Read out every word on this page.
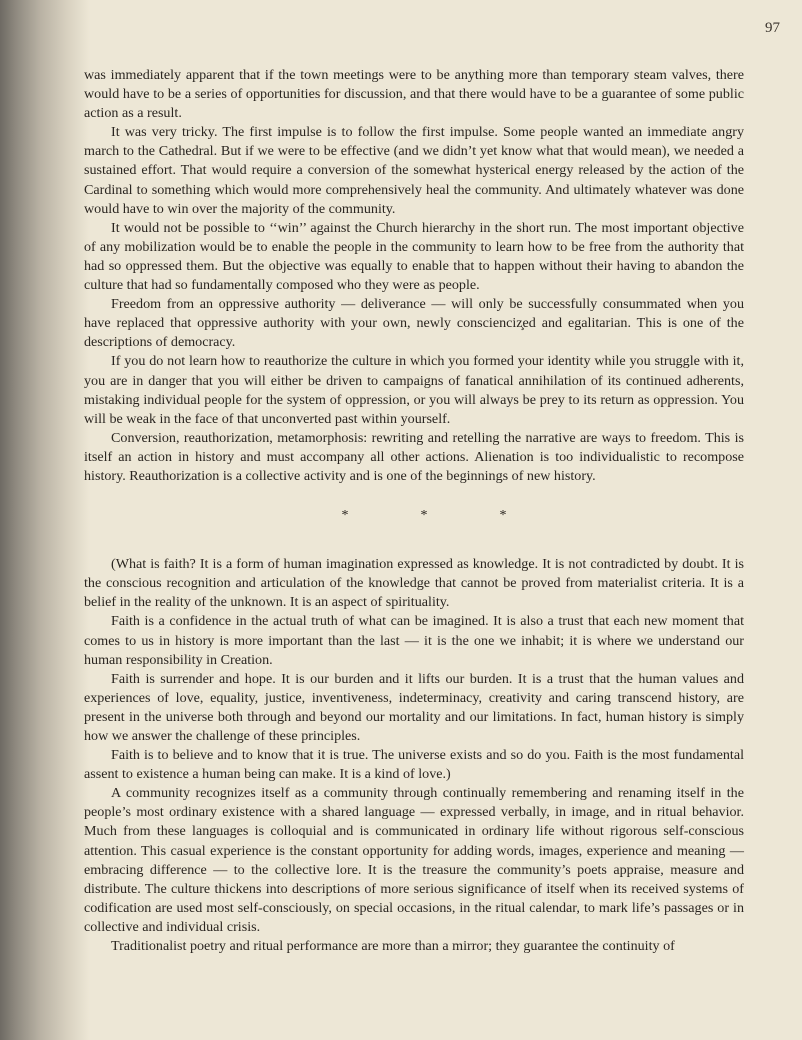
97

was immediately apparent that if the town meetings were to be anything more than temporary steam valves, there would have to be a series of opportunities for discussion, and that there would have to be a guarantee of some public action as a result.

It was very tricky. The first impulse is to follow the first impulse. Some people wanted an immediate angry march to the Cathedral. But if we were to be effective (and we didn’t yet know what that would mean), we needed a sustained effort. That would require a conversion of the somewhat hysterical energy released by the action of the Cardinal to something which would more comprehensively heal the community. And ultimately whatever was done would have to win over the majority of the community.

It would not be possible to ‘‘win’’ against the Church hierarchy in the short run. The most important objective of any mobilization would be to enable the people in the community to learn how to be free from the authority that had so oppressed them. But the objective was equally to enable that to happen without their having to abandon the culture that had so fundamentally composed who they were as people.

Freedom from an oppressive authority — deliverance — will only be successfully consummated when you have replaced that oppressive authority with your own, newly conscienciz̧ed and egalitarian. This is one of the descriptions of democracy.

If you do not learn how to reauthorize the culture in which you formed your identity while you struggle with it, you are in danger that you will either be driven to campaigns of fanatical annihilation of its continued adherents, mistaking individual people for the system of oppression, or you will always be prey to its return as oppression. You will be weak in the face of that unconverted past within yourself.

Conversion, reauthorization, metamorphosis: rewriting and retelling the narrative are ways to freedom. This is itself an action in history and must accompany all other actions. Alienation is too individualistic to recompose history. Reauthorization is a collective activity and is one of the beginnings of new history.

*	*	*

(What is faith? It is a form of human imagination expressed as knowledge. It is not contradicted by doubt. It is the conscious recognition and articulation of the knowledge that cannot be proved from materialist criteria. It is a belief in the reality of the unknown. It is an aspect of spirituality.

Faith is a confidence in the actual truth of what can be imagined. It is also a trust that each new moment that comes to us in history is more important than the last — it is the one we inhabit; it is where we understand our human responsibility in Creation.

Faith is surrender and hope. It is our burden and it lifts our burden. It is a trust that the human values and experiences of love, equality, justice, inventiveness, indeterminacy, creativity and caring transcend history, are present in the universe both through and beyond our mortality and our limitations. In fact, human history is simply how we answer the challenge of these principles.

Faith is to believe and to know that it is true. The universe exists and so do you. Faith is the most fundamental assent to existence a human being can make. It is a kind of love.)

A community recognizes itself as a community through continually remembering and renaming itself in the people’s most ordinary existence with a shared language — expressed verbally, in image, and in ritual behavior. Much from these languages is colloquial and is communicated in ordinary life without rigorous self-conscious attention. This casual experience is the constant opportunity for adding words, images, experience and meaning — embracing difference — to the collective lore. It is the treasure the community’s poets appraise, measure and distribute. The culture thickens into descriptions of more serious significance of itself when its received systems of codification are used most self-consciously, on special occasions, in the ritual calendar, to mark life’s passages or in collective and individual crisis.

Traditionalist poetry and ritual performance are more than a mirror; they guarantee the continuity of
